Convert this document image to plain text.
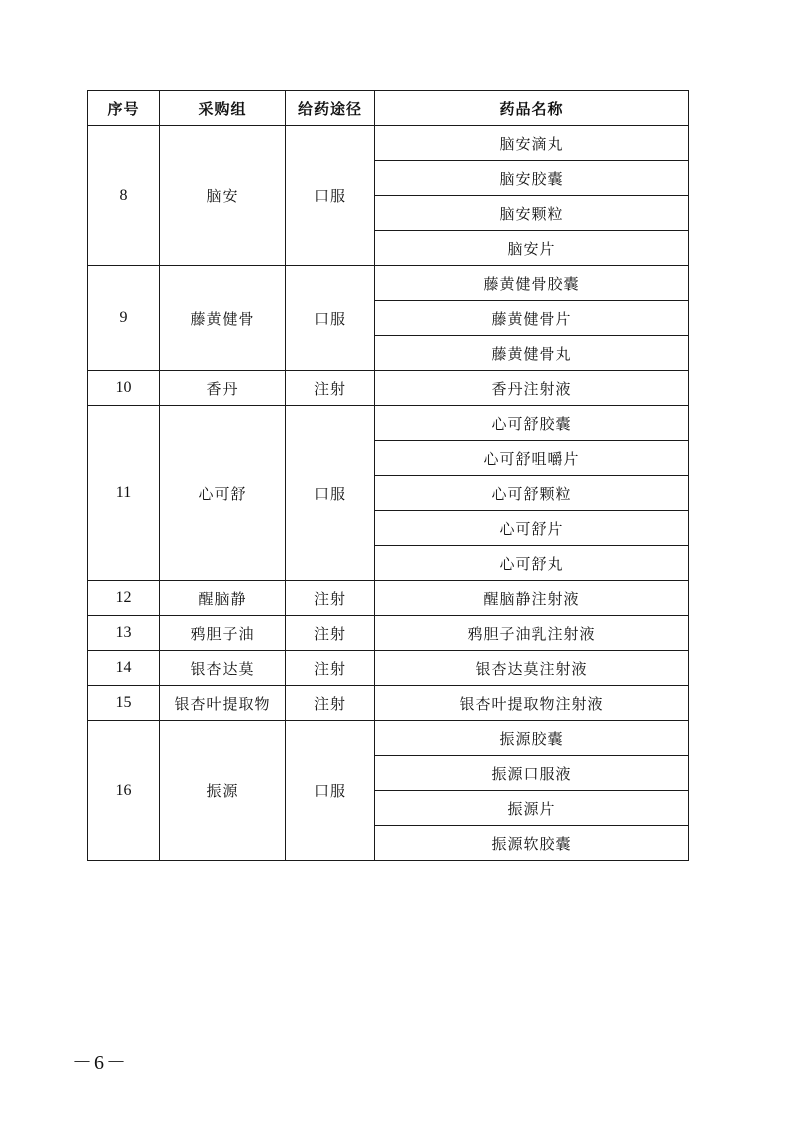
序号	采购组	给药途径	药品名称
8	脑安	口服	脑安滴丸
			脑安胶囊
			脑安颗粒
			脑安片
9	藤黄健骨	口服	藤黄健骨胶囊
			藤黄健骨片
			藤黄健骨丸
10	香丹	注射	香丹注射液
11	心可舒	口服	心可舒胶囊
			心可舒咀嚼片
			心可舒颗粒
			心可舒片
			心可舒丸
12	醒脑静	注射	醒脑静注射液
13	鸦胆子油	注射	鸦胆子油乳注射液
14	银杏达莫	注射	银杏达莫注射液
15	银杏叶提取物	注射	银杏叶提取物注射液
16	振源	口服	振源胶囊
			振源口服液
			振源片
			振源软胶囊
－6－
